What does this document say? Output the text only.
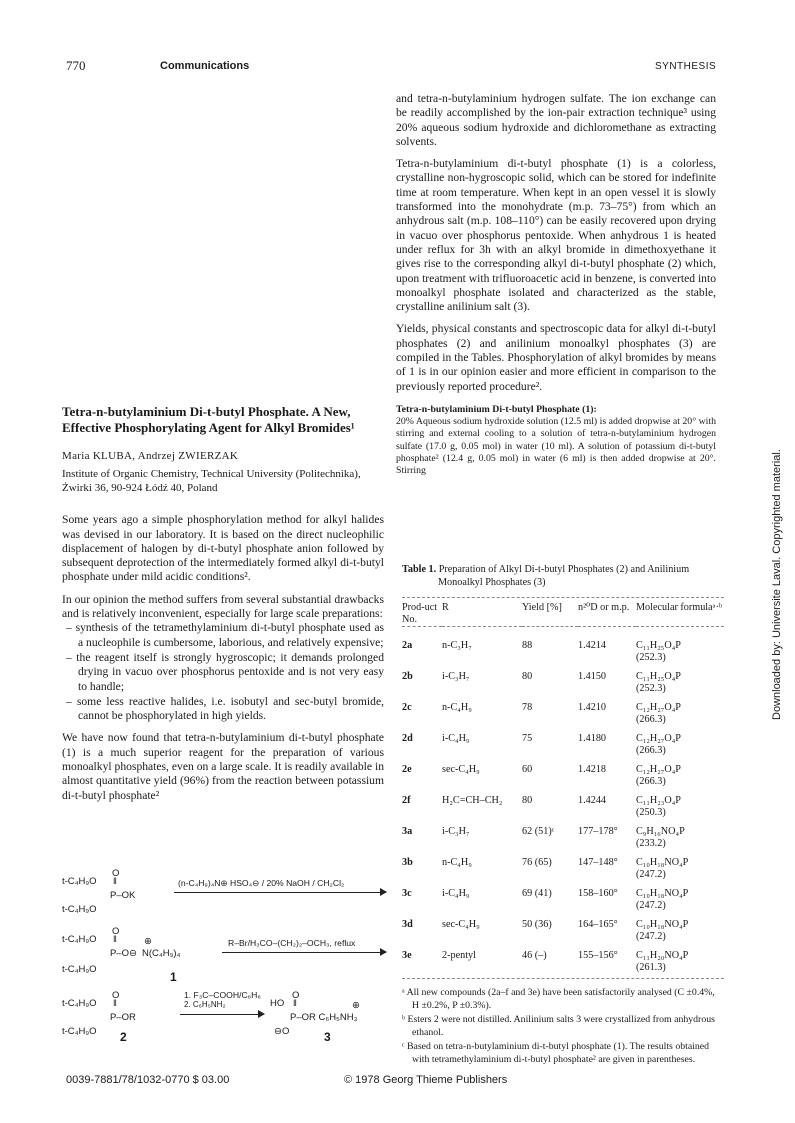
770	Communications	SYNTHESIS

and tetra-n-butylaminium hydrogen sulfate. The ion exchange can be readily accomplished by the ion-pair extraction technique³ using 20% aqueous sodium hydroxide and dichloromethane as extracting solvents.

Tetra-n-butylaminium di-t-butyl phosphate (1) is a colorless, crystalline non-hygroscopic solid, which can be stored for indefinite time at room temperature. When kept in an open vessel it is slowly transformed into the monohydrate (m.p. 73–75°) from which an anhydrous salt (m.p. 108–110°) can be easily recovered upon drying in vacuo over phosphorus pentoxide. When anhydrous 1 is heated under reflux for 3h with an alkyl bromide in dimethoxyethane it gives rise to the corresponding alkyl di-t-butyl phosphate (2) which, upon treatment with trifluoroacetic acid in benzene, is converted into monoalkyl phosphate isolated and characterized as the stable, crystalline anilinium salt (3).

Yields, physical constants and spectroscopic data for alkyl di-t-butyl phosphates (2) and anilinium monoalkyl phosphates (3) are compiled in the Tables. Phosphorylation of alkyl bromides by means of 1 is in our opinion easier and more efficient in comparison to the previously reported procedure².

Tetra-n-butylaminium Di-t-butyl Phosphate (1):
20% Aqueous sodium hydroxide solution (12.5 ml) is added dropwise at 20° with stirring and external cooling to a solution of tetra-n-butylaminium hydrogen sulfate (17.0 g, 0.05 mol) in water (10 ml). A solution of potassium di-t-butyl phosphate² (12.4 g, 0.05 mol) in water (6 ml) is then added dropwise at 20°. Stirring
Tetra-n-butylaminium Di-t-butyl Phosphate. A New, Effective Phosphorylating Agent for Alkyl Bromides¹
Maria KLUBA, Andrzej ZWIERZAK
Institute of Organic Chemistry, Technical University (Politechnika), Żwirki 36, 90-924 Łódź 40, Poland

Some years ago a simple phosphorylation method for alkyl halides was devised in our laboratory. It is based on the direct nucleophilic displacement of halogen by di-t-butyl phosphate anion followed by subsequent deprotection of the intermediately formed alkyl di-t-butyl phosphate under mild acidic conditions².

In our opinion the method suffers from several substantial drawbacks and is relatively inconvenient, especially for large scale preparations:

– synthesis of the tetramethylaminium di-t-butyl phosphate used as a nucleophile is cumbersome, laborious, and relatively expensive;
– the reagent itself is strongly hygroscopic; it demands prolonged drying in vacuo over phosphorus pentoxide and is not very easy to handle;
– some less reactive halides, i.e. isobutyl and sec-butyl bromide, cannot be phosphorylated in high yields.

We have now found that tetra-n-butylaminium di-t-butyl phosphate (1) is a much superior reagent for the preparation of various monoalkyl phosphates, even on a large scale. It is readily available in almost quantitative yield (96%) from the reaction between potassium di-t-butyl phosphate²

t-C₄H₉O
O
‖
P–OK
t-C₄H₉O
(n-C₄H₉)₄N⊕ HSO₄⊖ / 20% NaOH / CH₂Cl₂
t-C₄H₉O
O
‖
P–O⊖
⊕
N(C₄H₉)₄
t-C₄H₉O
1
R–Br/H₃CO–(CH₂)₂–OCH₃, reflux
t-C₄H₉O
O
‖
P–OR
t-C₄H₉O 2
1. F₃C–COOH/C₆H₆
2. C₆H₅NH₂	HO
O
‖
P–OR C₆H₅NH₃
⊕
⊖O	3
Table 1. Preparation of Alkyl Di-t-butyl Phosphates (2) and Anilinium Monoalkyl Phosphates (3)
Prod-uct No.	R	Yield [%]	n²⁰D or m.p.	Molecular formulaᵃ·ᵇ

2a	n-C₃H₇	88	1.4214	C₁₁H₂₅O₄P
(252.3)

2b	i-C₃H₇	80	1.4150	C₁₁H₂₅O₄P
(252.3)

2c	n-C₄H₉	78	1.4210	C₁₂H₂₇O₄P
(266.3)

2d	i-C₄H₉	75	1.4180	C₁₂H₂₇O₄P
(266.3)

2e	sec-C₄H₉	60	1.4218	C₁₂H₂₇O₄P
(266.3)

2f	H₂C=CH–CH₂	80	1.4244	C₁₁H₂₃O₄P
(250.3)

3a	i-C₃H₇	62 (51)ᶜ	177–178°	C₉H₁₆NO₄P
(233.2)

3b	n-C₄H₉	76 (65)	147–148°	C₁₀H₁₈NO₄P
(247.2)

3c	i-C₄H₉	69 (41)	158–160°	C₁₀H₁₈NO₄P
(247.2)

3d	sec-C₄H₉	50 (36)	164–165°	C₁₀H₁₈NO₄P
(247.2)

3e	2-pentyl	46 (–)	155–156°	C₁₁H₂₀NO₄P
(261.3)
ᵃ All new compounds (2a–f and 3e) have been satisfactorily analysed (C ±0.4%, H ±0.2%, P ±0.3%).
ᵇ Esters 2 were not distilled. Anilinium salts 3 were crystallized from anhydrous ethanol.
ᶜ Based on tetra-n-butylaminium di-t-butyl phosphate (1). The results obtained with tetramethylaminium di-t-butyl phosphate² are given in parentheses.
0039-7881/78/1032-0770 $ 03.00	© 1978 Georg Thieme Publishers
Downloaded by: Universite Laval. Copyrighted material.
